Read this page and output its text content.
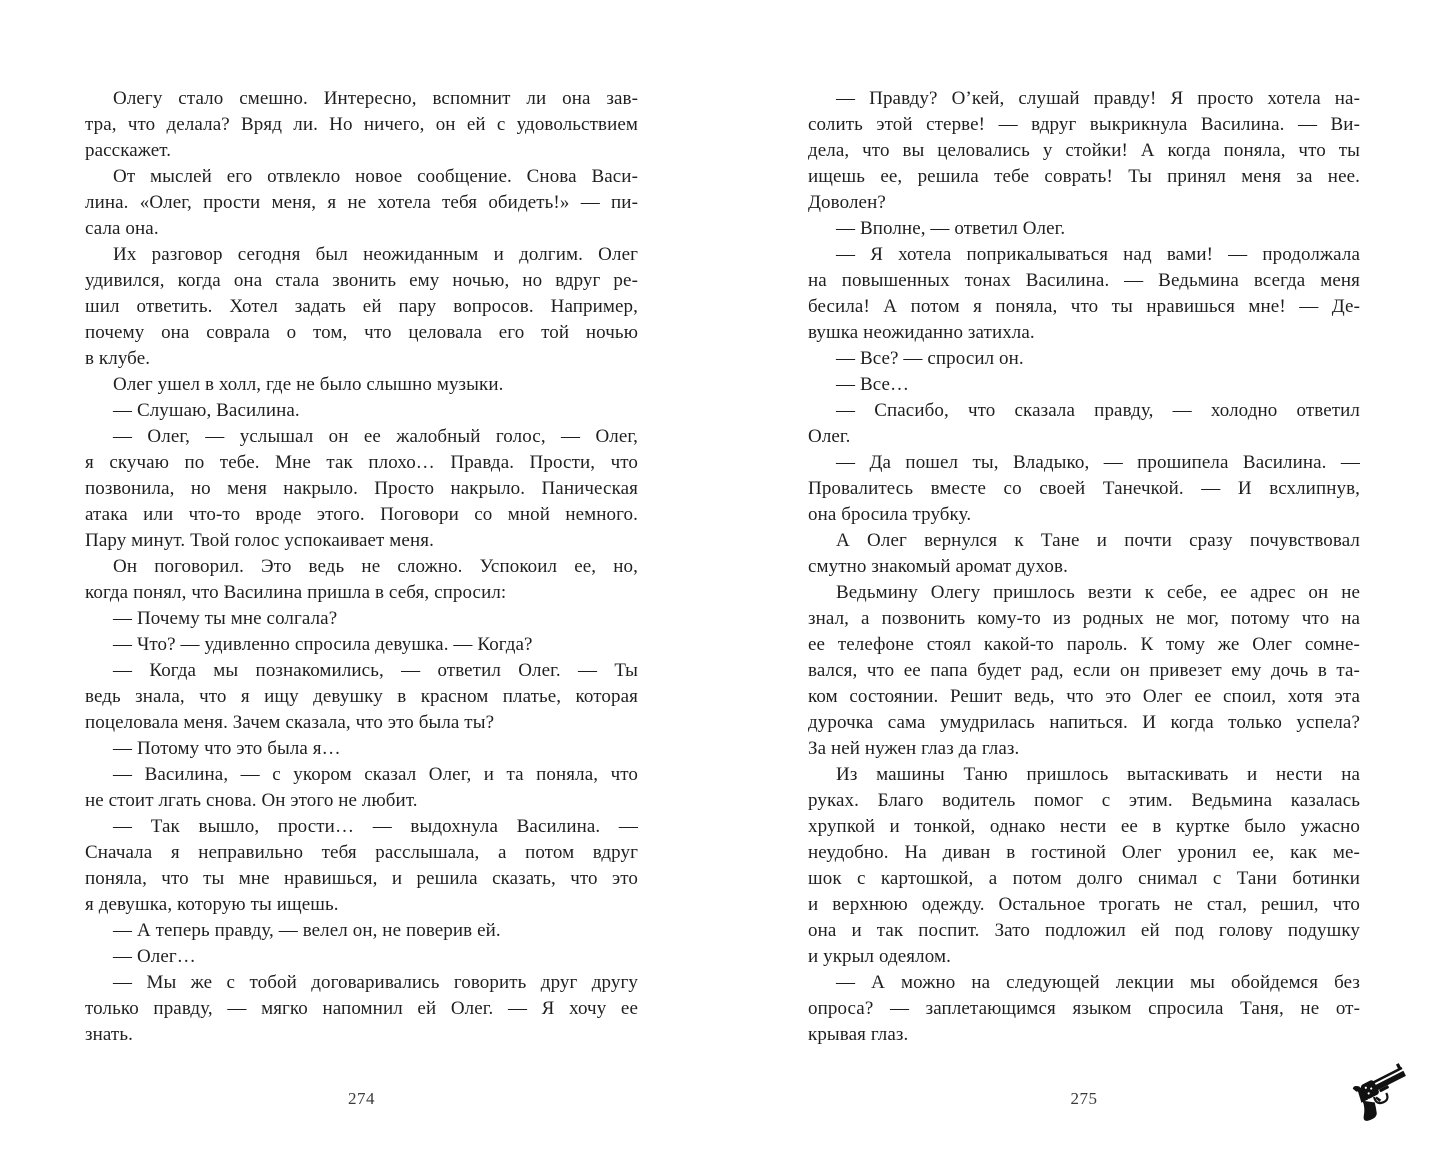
Олегу стало смешно. Интересно, вспомнит ли она зав-
тра, что делала? Вряд ли. Но ничего, он ей с удовольствием
расскажет.

От мыслей его отвлекло новое сообщение. Снова Васи-
лина. «Олег, прости меня, я не хотела тебя обидеть!» — пи-
сала она.

Их разговор сегодня был неожиданным и долгим. Олег
удивился, когда она стала звонить ему ночью, но вдруг ре-
шил ответить. Хотел задать ей пару вопросов. Например,
почему она соврала о том, что целовала его той ночью
в клубе.

Олег ушел в холл, где не было слышно музыки.

— Слушаю, Василина.

— Олег, — услышал он ее жалобный голос, — Олег,
я скучаю по тебе. Мне так плохо… Правда. Прости, что
позвонила, но меня накрыло. Просто накрыло. Паническая
атака или что-то вроде этого. Поговори со мной немного.
Пару минут. Твой голос успокаивает меня.

Он поговорил. Это ведь не сложно. Успокоил ее, но,
когда понял, что Василина пришла в себя, спросил:

— Почему ты мне солгала?

— Что? — удивленно спросила девушка. — Когда?

— Когда мы познакомились, — ответил Олег. — Ты
ведь знала, что я ищу девушку в красном платье, которая
поцеловала меня. Зачем сказала, что это была ты?

— Потому что это была я…

— Василина, — с укором сказал Олег, и та поняла, что
не стоит лгать снова. Он этого не любит.

— Так вышло, прости… — выдохнула Василина. —
Сначала я неправильно тебя расслышала, а потом вдруг
поняла, что ты мне нравишься, и решила сказать, что это
я девушка, которую ты ищешь.

— А теперь правду, — велел он, не поверив ей.

— Олег…

— Мы же с тобой договаривались говорить друг другу
только правду, — мягко напомнил ей Олег. — Я хочу ее
знать.

274

— Правду? О’кей, слушай правду! Я просто хотела на-
солить этой стерве! — вдруг выкрикнула Василина. — Ви-
дела, что вы целовались у стойки! А когда поняла, что ты
ищешь ее, решила тебе соврать! Ты принял меня за нее.
Доволен?

— Вполне, — ответил Олег.

— Я хотела поприкалываться над вами! — продолжала
на повышенных тонах Василина. — Ведьмина всегда меня
бесила! А потом я поняла, что ты нравишься мне! — Де-
вушка неожиданно затихла.

— Все? — спросил он.

— Все…

— Спасибо, что сказала правду, — холодно ответил
Олег.

— Да пошел ты, Владыко, — прошипела Василина. —
Провалитесь вместе со своей Танечкой. — И всхлипнув,
она бросила трубку.

А Олег вернулся к Тане и почти сразу почувствовал
смутно знакомый аромат духов.

Ведьмину Олегу пришлось везти к себе, ее адрес он не
знал, а позвонить кому-то из родных не мог, потому что на
ее телефоне стоял какой-то пароль. К тому же Олег сомне-
вался, что ее папа будет рад, если он привезет ему дочь в та-
ком состоянии. Решит ведь, что это Олег ее споил, хотя эта
дурочка сама умудрилась напиться. И когда только успела?
За ней нужен глаз да глаз.

Из машины Таню пришлось вытаскивать и нести на
руках. Благо водитель помог с этим. Ведьмина казалась
хрупкой и тонкой, однако нести ее в куртке было ужасно
неудобно. На диван в гостиной Олег уронил ее, как ме-
шок с картошкой, а потом долго снимал с Тани ботинки
и верхнюю одежду. Остальное трогать не стал, решил, что
она и так поспит. Зато подложил ей под голову подушку
и укрыл одеялом.

— А можно на следующей лекции мы обойдемся без
опроса? — заплетающимся языком спросила Таня, не от-
крывая глаз.

275
